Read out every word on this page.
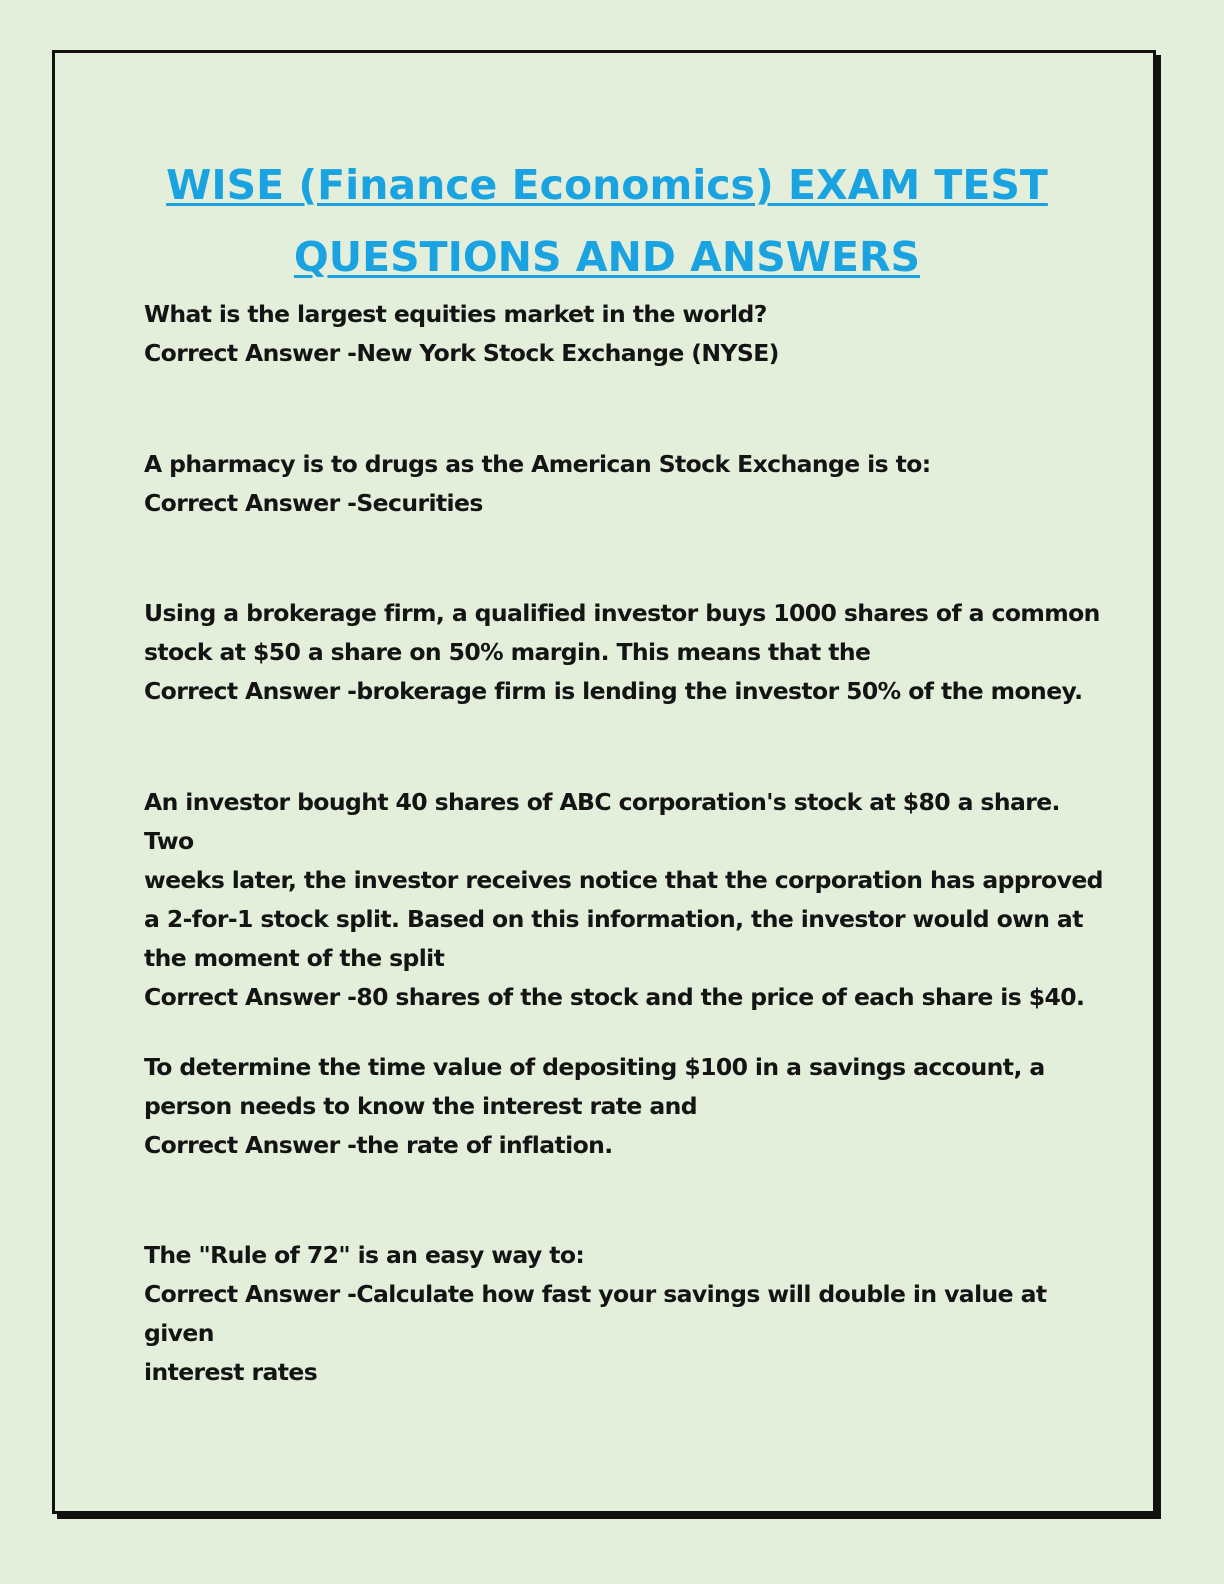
WISE (Finance Economics) EXAM TEST
QUESTIONS AND ANSWERS
What is the largest equities market in the world?
Correct Answer -New York Stock Exchange (NYSE)
A pharmacy is to drugs as the American Stock Exchange is to:
Correct Answer -Securities
Using a brokerage firm, a qualified investor buys 1000 shares of a common
stock at $50 a share on 50% margin. This means that the
Correct Answer -brokerage firm is lending the investor 50% of the money.
An investor bought 40 shares of ABC corporation's stock at $80 a share. Two
weeks later, the investor receives notice that the corporation has approved
a 2-for-1 stock split. Based on this information, the investor would own at
the moment of the split
Correct Answer -80 shares of the stock and the price of each share is $40.
To determine the time value of depositing $100 in a savings account, a
person needs to know the interest rate and
Correct Answer -the rate of inflation.
The "Rule of 72" is an easy way to:
Correct Answer -Calculate how fast your savings will double in value at given
interest rates
